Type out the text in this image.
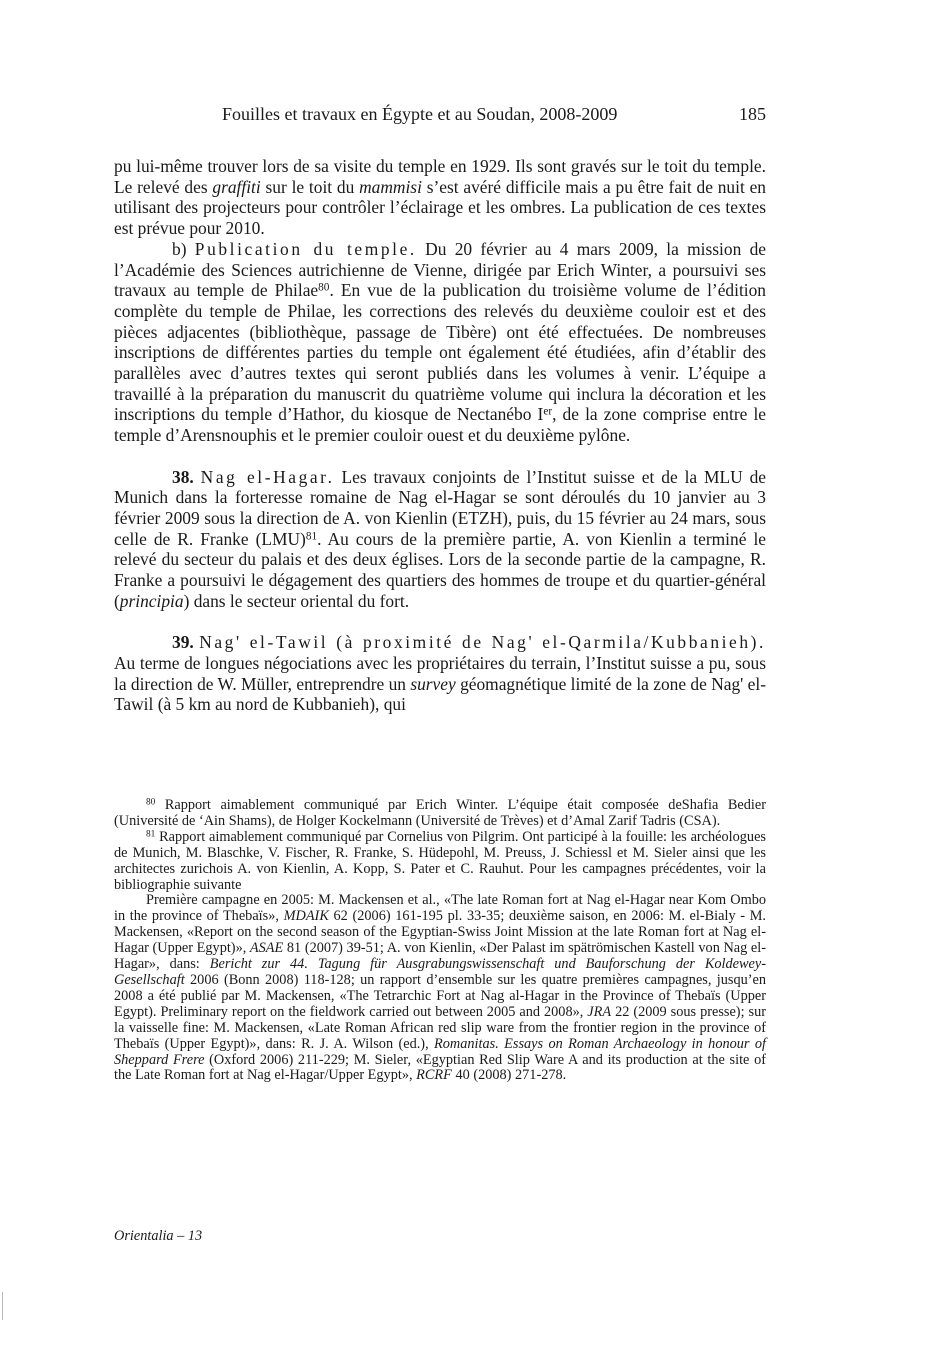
Fouilles et travaux en Égypte et au Soudan, 2008-2009	185

pu lui-même trouver lors de sa visite du temple en 1929. Ils sont gravés sur le toit du temple. Le relevé des graffiti sur le toit du mammisi s’est avéré difficile mais a pu être fait de nuit en utilisant des projecteurs pour contrôler l’éclairage et les ombres. La publication de ces textes est prévue pour 2010.

b) Publication du temple. Du 20 février au 4 mars 2009, la mission de l’Académie des Sciences autrichienne de Vienne, dirigée par Erich Winter, a poursuivi ses travaux au temple de Philae$^{80}$. En vue de la publication du troisième volume de l’édition complète du temple de Philae, les corrections des relevés du deuxième couloir est et des pièces adjacentes (bibliothèque, passage de Tibère) ont été effectuées. De nombreuses inscriptions de différentes parties du temple ont également été étudiées, afin d’établir des parallèles avec d’autres textes qui seront publiés dans les volumes à venir. L’équipe a travaillé à la préparation du manuscrit du quatrième volume qui inclura la décoration et les inscriptions du temple d’Hathor, du kiosque de Nectanébo Ier, de la zone comprise entre le temple d’Arensnouphis et le premier couloir ouest et du deuxième pylône.

38. Nag el-Hagar. Les travaux conjoints de l’Institut suisse et de la MLU de Munich dans la forteresse romaine de Nag el-Hagar se sont déroulés du 10 janvier au 3 février 2009 sous la direction de A. von Kienlin (ETZH), puis, du 15 février au 24 mars, sous celle de R. Franke (LMU)$^{81}$. Au cours de la première partie, A. von Kienlin a terminé le relevé du secteur du palais et des deux églises. Lors de la seconde partie de la campagne, R. Franke a poursuivi le dégagement des quartiers des hommes de troupe et du quartier-général (principia) dans le secteur oriental du fort.

39. Nag' el-Tawil (à proximité de Nag' el-Qarmila/Kubbanieh). Au terme de longues négociations avec les propriétaires du terrain, l’Institut suisse a pu, sous la direction de W. Müller, entreprendre un survey géomagnétique limité de la zone de Nag' el-Tawil (à 5 km au nord de Kubbanieh), qui

$^{80}$ Rapport aimablement communiqué par Erich Winter. L’équipe était composée deShafia Bedier (Université de ‘Ain Shams), de Holger Kockelmann (Université de Trèves) et d’Amal Zarif Tadris (CSA).

$^{81}$ Rapport aimablement communiqué par Cornelius von Pilgrim. Ont participé à la fouille: les archéologues de Munich, M. Blaschke, V. Fischer, R. Franke, S. Hüdepohl, M. Preuss, J. Schiessl et M. Sieler ainsi que les architectes zurichois A. von Kienlin, A. Kopp, S. Pater et C. Rauhut. Pour les campagnes précédentes, voir la bibliographie suivante

Première campagne en 2005: M. Mackensen et al., «The late Roman fort at Nag el-Hagar near Kom Ombo in the province of Thebaïs», MDAIK 62 (2006) 161-195 pl. 33-35; deuxième saison, en 2006: M. el-Bialy - M. Mackensen, «Report on the second season of the Egyptian-Swiss Joint Mission at the late Roman fort at Nag el-Hagar (Upper Egypt)», ASAE 81 (2007) 39-51; A. von Kienlin, «Der Palast im spätrömischen Kastell von Nag el-Hagar», dans: Bericht zur 44. Tagung für Ausgrabungswissenschaft und Bauforschung der Koldewey-Gesellschaft 2006 (Bonn 2008) 118-128; un rapport d’ensemble sur les quatre premières campagnes, jusqu’en 2008 a été publié par M. Mackensen, «The Tetrarchic Fort at Nag al-Hagar in the Province of Thebaïs (Upper Egypt). Preliminary report on the fieldwork carried out between 2005 and 2008», JRA 22 (2009 sous presse); sur la vaisselle fine: M. Mackensen, «Late Roman African red slip ware from the frontier region in the province of Thebaïs (Upper Egypt)», dans: R. J. A. Wilson (ed.), Romanitas. Essays on Roman Archaeology in honour of Sheppard Frere (Oxford 2006) 211-229; M. Sieler, «Egyptian Red Slip Ware A and its production at the site of the Late Roman fort at Nag el-Hagar/Upper Egypt», RCRF 40 (2008) 271-278.

Orientalia – 13
